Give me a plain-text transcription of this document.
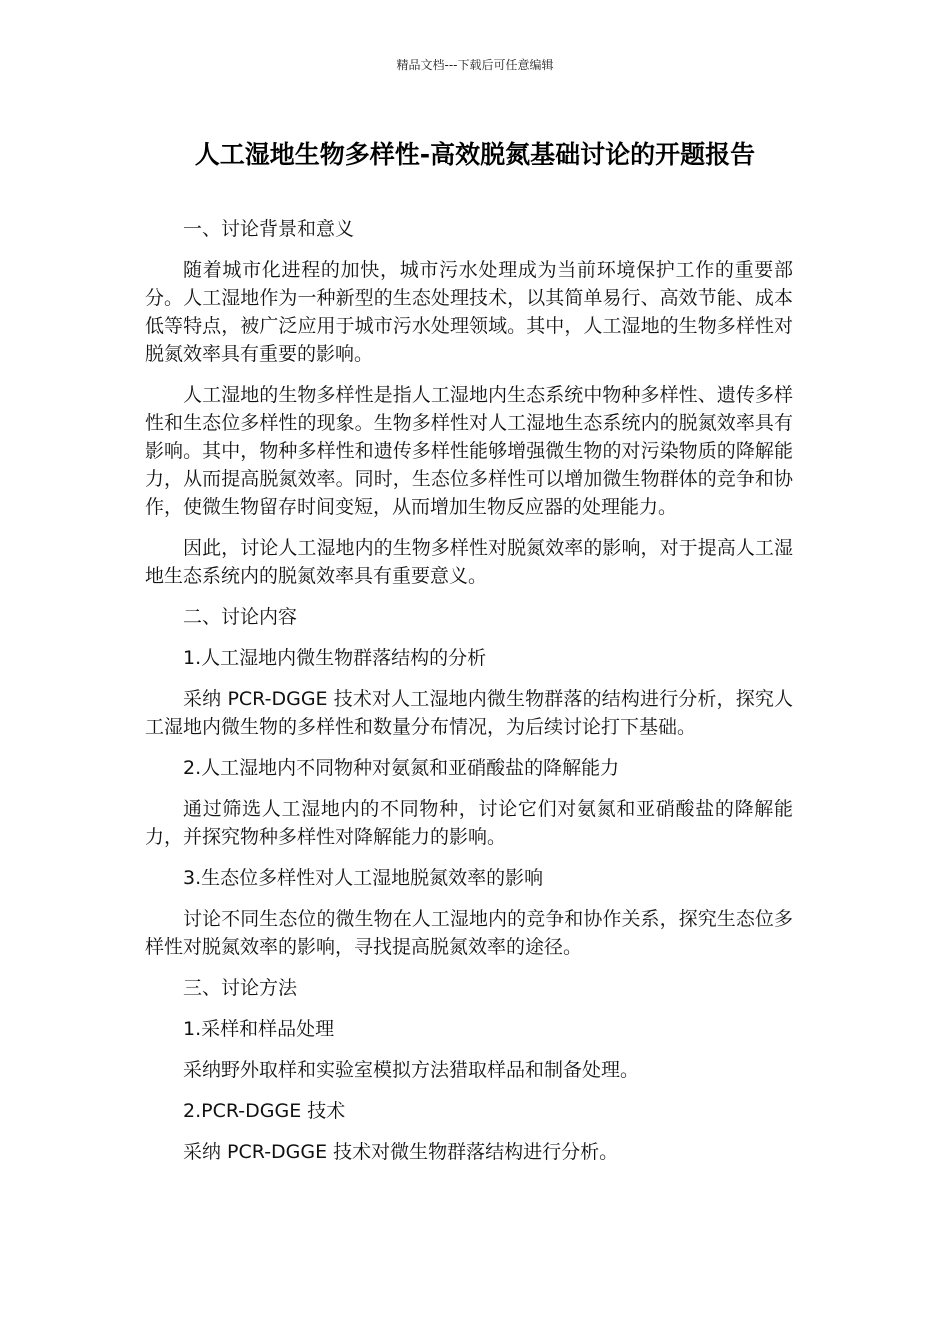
精品文档---下载后可任意编辑
人工湿地生物多样性-高效脱氮基础讨论的开题报告

一、讨论背景和意义

随着城市化进程的加快，城市污水处理成为当前环境保护工作的重要部分。人工湿地作为一种新型的生态处理技术，以其简单易行、高效节能、成本低等特点，被广泛应用于城市污水处理领域。其中，人工湿地的生物多样性对脱氮效率具有重要的影响。

人工湿地的生物多样性是指人工湿地内生态系统中物种多样性、遗传多样性和生态位多样性的现象。生物多样性对人工湿地生态系统内的脱氮效率具有影响。其中，物种多样性和遗传多样性能够增强微生物的对污染物质的降解能力，从而提高脱氮效率。同时，生态位多样性可以增加微生物群体的竞争和协作，使微生物留存时间变短，从而增加生物反应器的处理能力。

因此，讨论人工湿地内的生物多样性对脱氮效率的影响，对于提高人工湿地生态系统内的脱氮效率具有重要意义。

二、讨论内容

1.人工湿地内微生物群落结构的分析

采纳 PCR-DGGE 技术对人工湿地内微生物群落的结构进行分析，探究人工湿地内微生物的多样性和数量分布情况，为后续讨论打下基础。

2.人工湿地内不同物种对氨氮和亚硝酸盐的降解能力

通过筛选人工湿地内的不同物种，讨论它们对氨氮和亚硝酸盐的降解能力，并探究物种多样性对降解能力的影响。

3.生态位多样性对人工湿地脱氮效率的影响

讨论不同生态位的微生物在人工湿地内的竞争和协作关系，探究生态位多样性对脱氮效率的影响，寻找提高脱氮效率的途径。

三、讨论方法

1.采样和样品处理

采纳野外取样和实验室模拟方法猎取样品和制备处理。

2.PCR-DGGE 技术

采纳 PCR-DGGE 技术对微生物群落结构进行分析。
